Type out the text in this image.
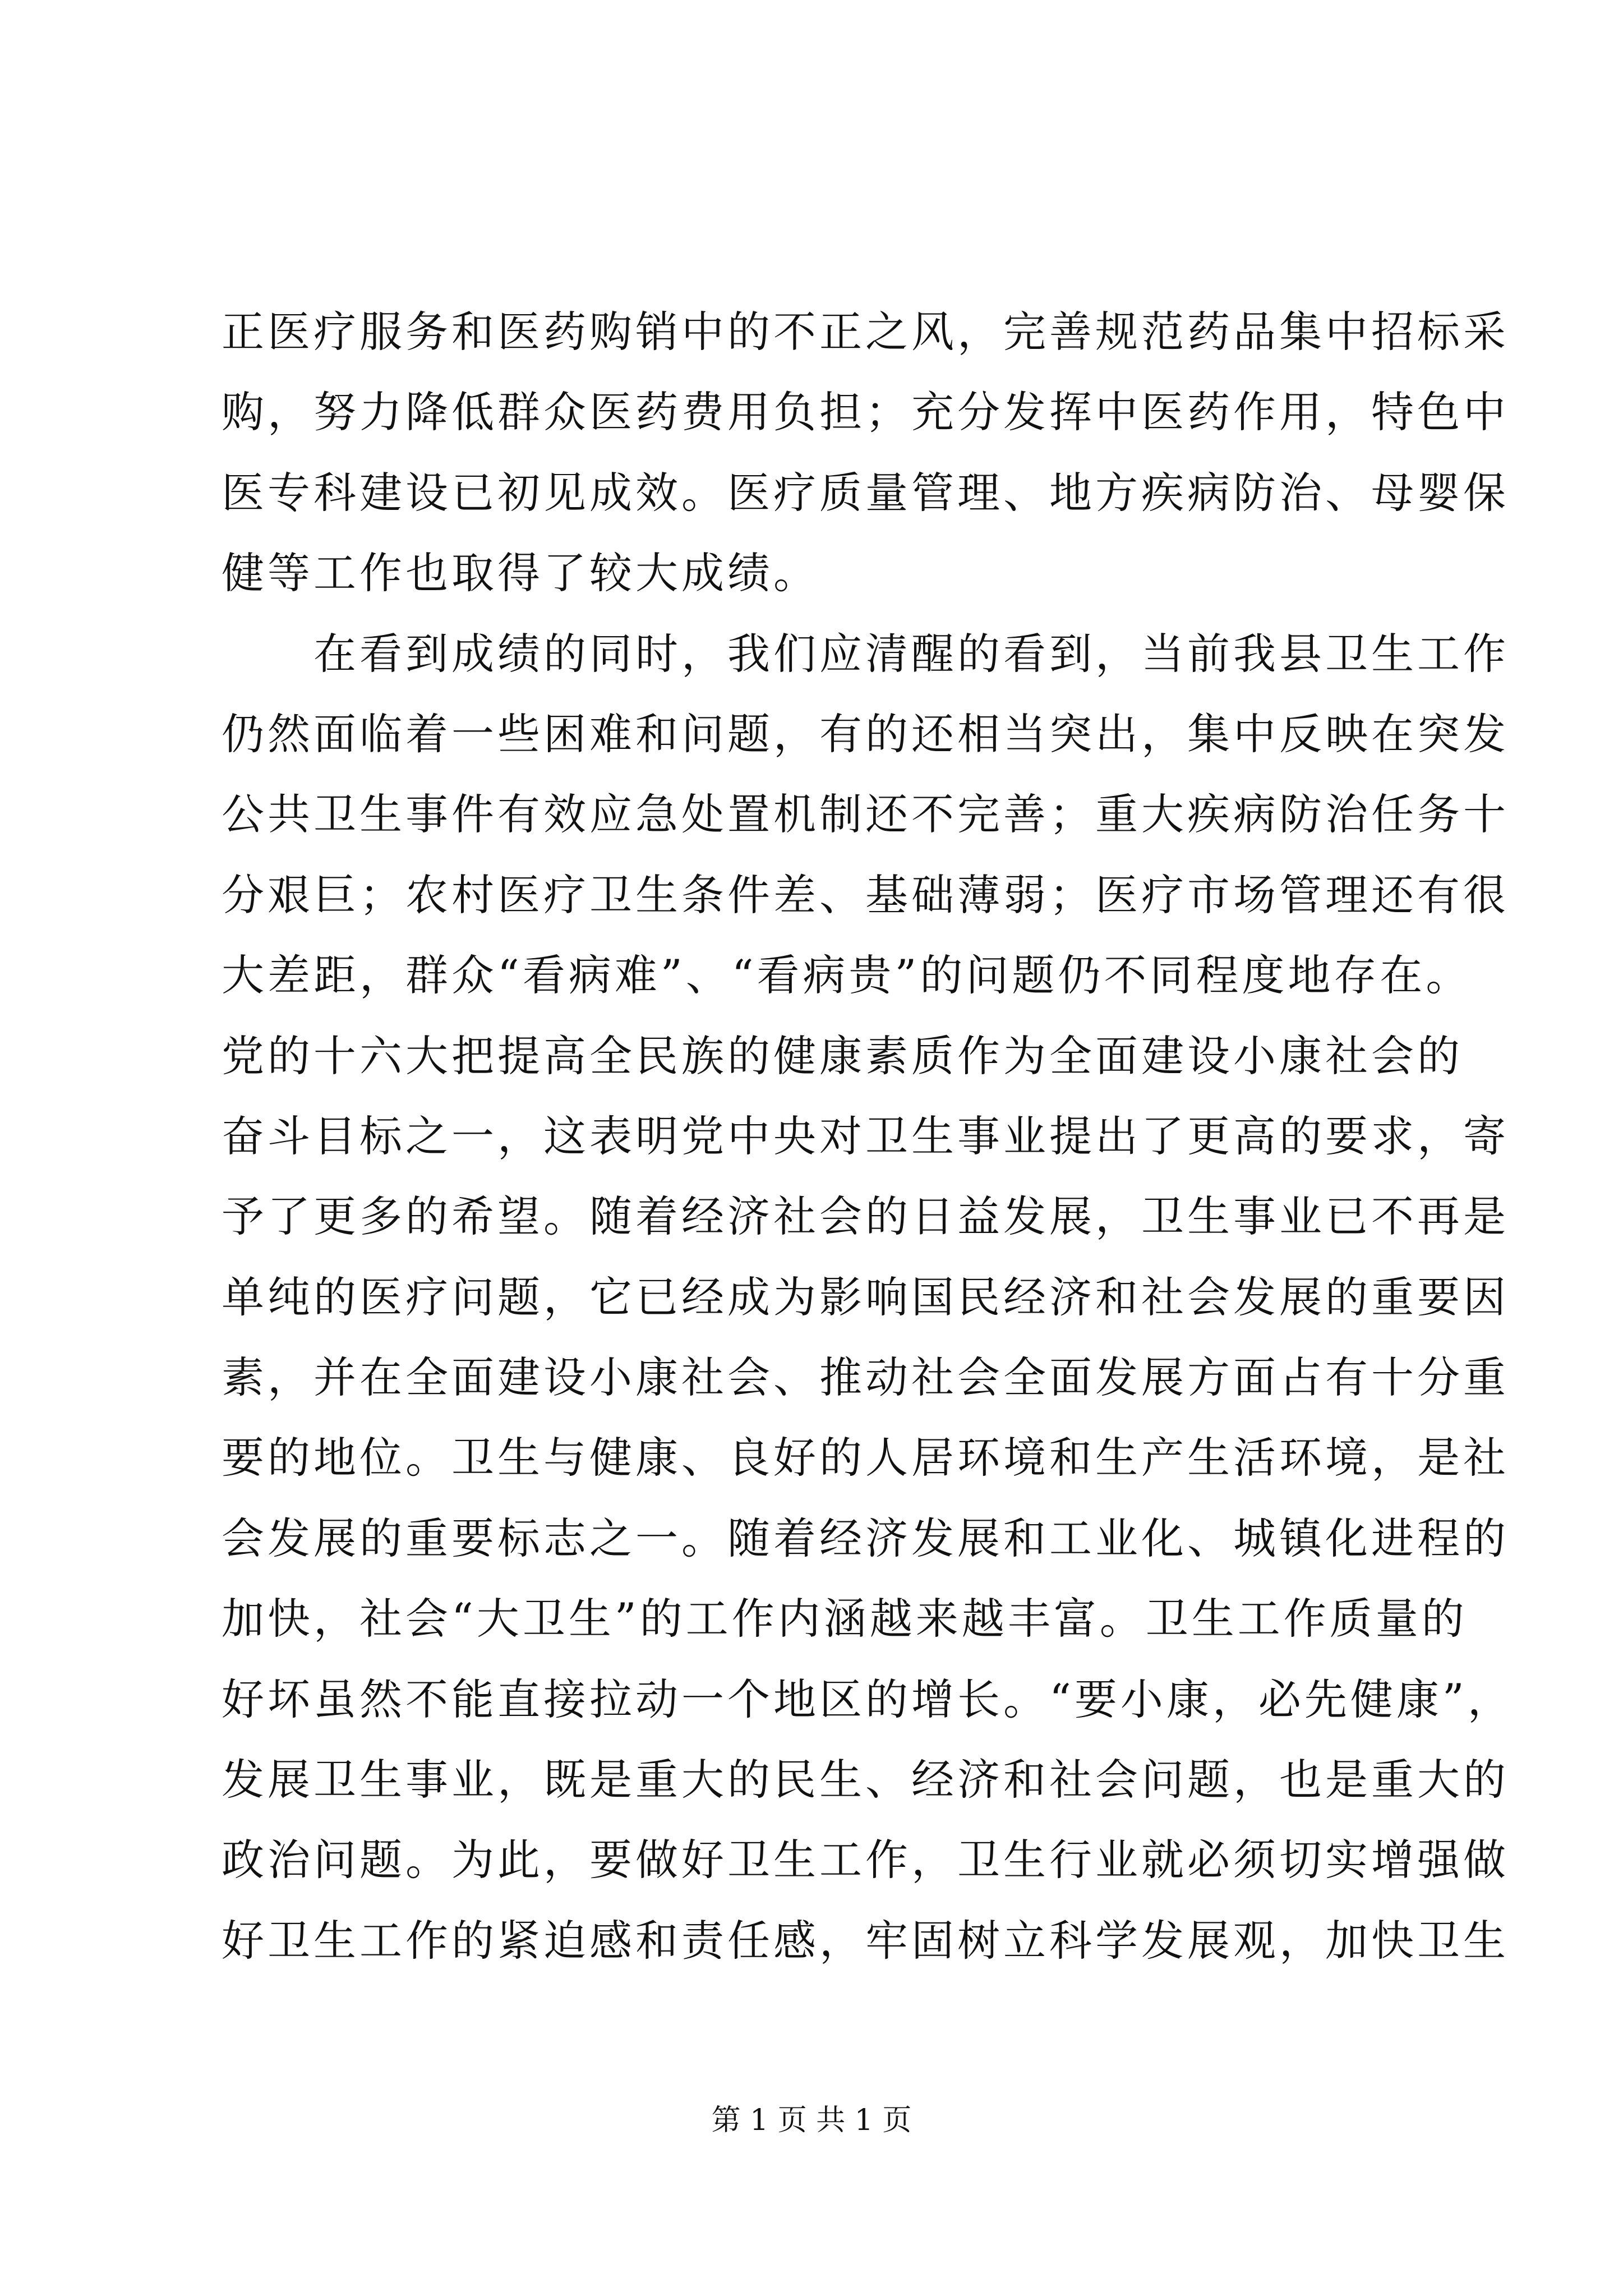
正医疗服务和医药购销中的不正之风，完善规范药品集中招标采
购，努力降低群众医药费用负担；充分发挥中医药作用，特色中
医专科建设已初见成效。医疗质量管理、地方疾病防治、母婴保
健等工作也取得了较大成绩。
在看到成绩的同时，我们应清醒的看到，当前我县卫生工作
仍然面临着一些困难和问题，有的还相当突出，集中反映在突发
公共卫生事件有效应急处置机制还不完善；重大疾病防治任务十
分艰巨；农村医疗卫生条件差、基础薄弱；医疗市场管理还有很
大差距，群众“看病难”、“看病贵”的问题仍不同程度地存在。
党的十六大把提高全民族的健康素质作为全面建设小康社会的
奋斗目标之一，这表明党中央对卫生事业提出了更高的要求，寄
予了更多的希望。随着经济社会的日益发展，卫生事业已不再是
单纯的医疗问题，它已经成为影响国民经济和社会发展的重要因
素，并在全面建设小康社会、推动社会全面发展方面占有十分重
要的地位。卫生与健康、良好的人居环境和生产生活环境，是社
会发展的重要标志之一。随着经济发展和工业化、城镇化进程的
加快，社会“大卫生”的工作内涵越来越丰富。卫生工作质量的
好坏虽然不能直接拉动一个地区的增长。“要小康，必先健康”，
发展卫生事业，既是重大的民生、经济和社会问题，也是重大的
政治问题。为此，要做好卫生工作，卫生行业就必须切实增强做
好卫生工作的紧迫感和责任感，牢固树立科学发展观，加快卫生
第 1 页 共 1 页
